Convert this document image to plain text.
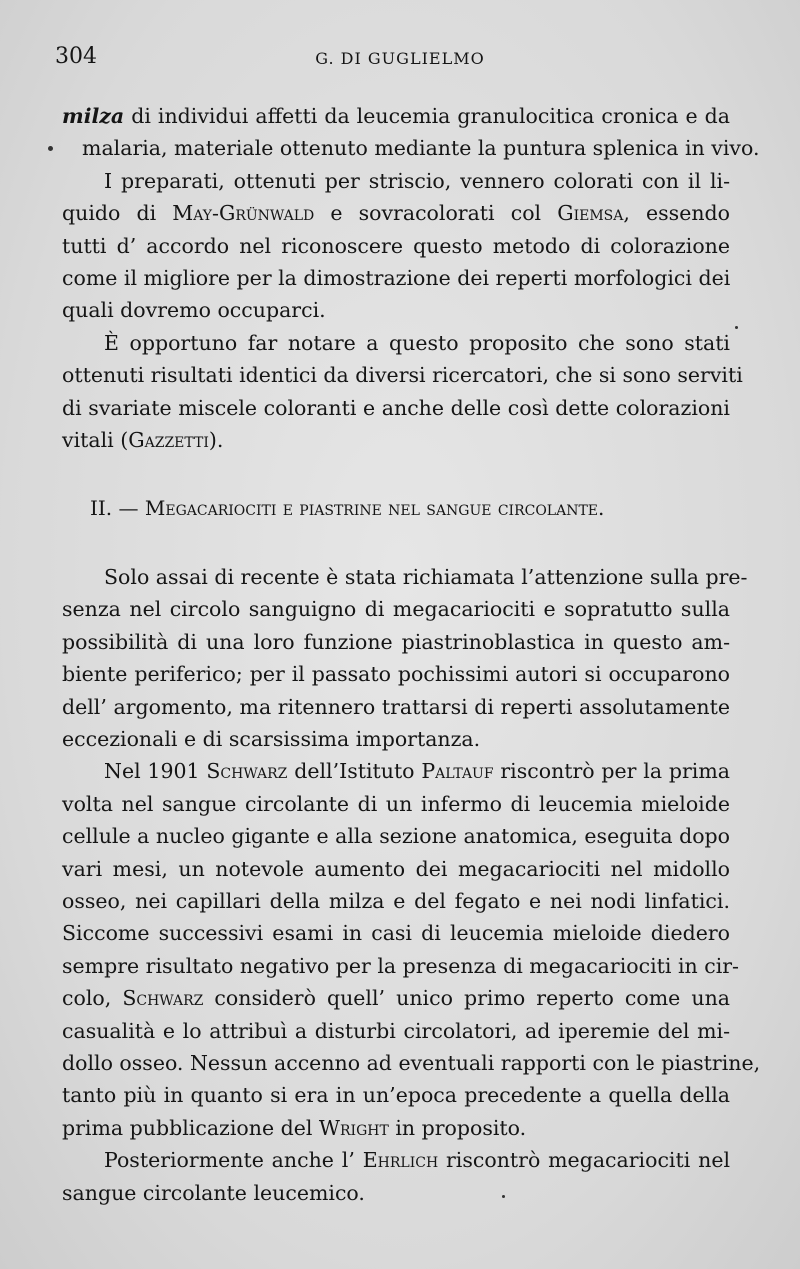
304	G. DI GUGLIELMO
milza di individui affetti da leucemia granulocitica cronica e da
malaria, materiale ottenuto mediante la puntura splenica in vivo.
I preparati, ottenuti per striscio, vennero colorati con il li-
quido di May-Grünwald e sovracolorati col Giemsa, essendo
tutti d’ accordo nel riconoscere questo metodo di colorazione
come il migliore per la dimostrazione dei reperti morfologici dei
quali dovremo occuparci.
È opportuno far notare a questo proposito che sono stati
ottenuti risultati identici da diversi ricercatori, che si sono serviti
di svariate miscele coloranti e anche delle così dette colorazioni
vitali (Gazzetti).
II. — Megacariociti e piastrine nel sangue circolante.
Solo assai di recente è stata richiamata l’attenzione sulla pre-
senza nel circolo sanguigno di megacariociti e sopratutto sulla
possibilità di una loro funzione piastrinoblastica in questo am-
biente periferico; per il passato pochissimi autori si occuparono
dell’ argomento, ma ritennero trattarsi di reperti assolutamente
eccezionali e di scarsissima importanza.
Nel 1901 Schwarz dell’Istituto Paltauf riscontrò per la prima
volta nel sangue circolante di un infermo di leucemia mieloide
cellule a nucleo gigante e alla sezione anatomica, eseguita dopo
vari mesi, un notevole aumento dei megacariociti nel midollo
osseo, nei capillari della milza e del fegato e nei nodi linfatici.
Siccome successivi esami in casi di leucemia mieloide diedero
sempre risultato negativo per la presenza di megacariociti in cir-
colo, Schwarz considerò quell’ unico primo reperto come una
casualità e lo attribuì a disturbi circolatori, ad iperemie del mi-
dollo osseo. Nessun accenno ad eventuali rapporti con le piastrine,
tanto più in quanto si era in un’epoca precedente a quella della
prima pubblicazione del Wright in proposito.
Posteriormente anche l’ Ehrlich riscontrò megacariociti nel
sangue circolante leucemico.
